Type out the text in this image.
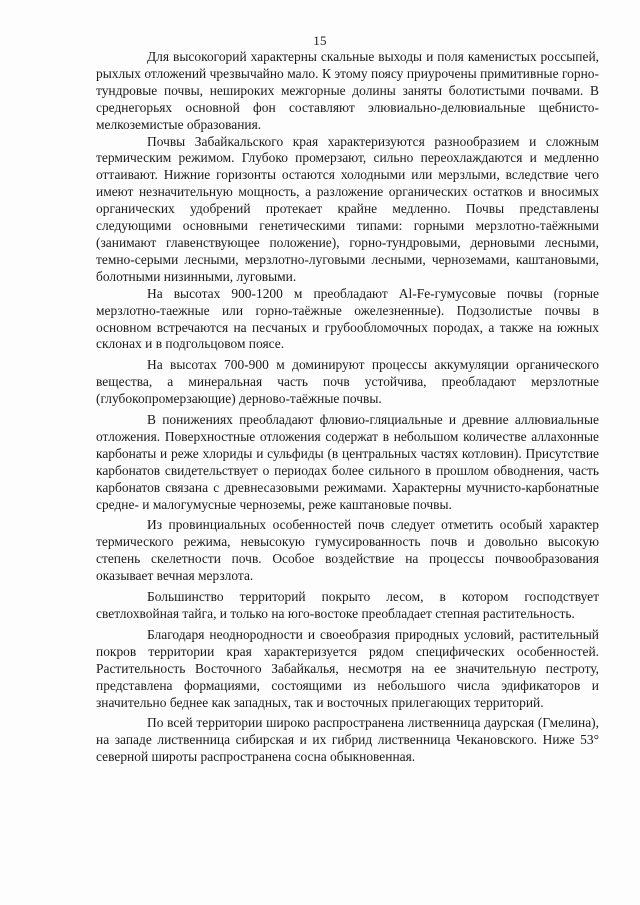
15

Для высокогорий характерны скальные выходы и поля каменистых россыпей, рыхлых отложений чрезвычайно мало. К этому поясу приурочены примитивные горно-тундровые почвы, нешироких межгорные долины заняты болотистыми почвами. В среднегорьях основной фон составляют элювиально-делювиальные щебнисто-мелкоземистые образования.

Почвы Забайкальского края характеризуются разнообразием и сложным термическим режимом. Глубоко промерзают, сильно переохлаждаются и медленно оттаивают. Нижние горизонты остаются холодными или мерзлыми, вследствие чего имеют незначительную мощность, а разложение органических остатков и вносимых органических удобрений протекает крайне медленно. Почвы представлены следующими основными генетическими типами: горными мерзлотно-таёжными (занимают главенствующее положение), горно-тундровыми, дерновыми лесными, темно-серыми лесными, мерзлотно-луговыми лесными, черноземами, каштановыми, болотными низинными, луговыми.

На высотах 900-1200 м преобладают Al-Fe-гумусовые почвы (горные мерзлотно-таежные или горно-таёжные ожелезненные). Подзолистые почвы в основном встречаются на песчаных и грубообломочных породах, а также на южных склонах и в подгольцовом поясе.

На высотах 700-900 м доминируют процессы аккумуляции органического вещества, а минеральная часть почв устойчива, преобладают мерзлотные (глубокопромерзающие) дерново-таёжные почвы.

В понижениях преобладают флювио-гляциальные и древние аллювиальные отложения. Поверхностные отложения содержат в небольшом количестве аллахонные карбонаты и реже хлориды и сульфиды (в центральных частях котловин). Присутствие карбонатов свидетельствует о периодах более сильного в прошлом обводнения, часть карбонатов связана с древнесазовыми режимами. Характерны мучнисто-карбонатные средне- и малогумусные черноземы, реже каштановые почвы.

Из провинциальных особенностей почв следует отметить особый характер термического режима, невысокую гумусированность почв и довольно высокую степень скелетности почв. Особое воздействие на процессы почвообразования оказывает вечная мерзлота.

Большинство территорий покрыто лесом, в котором господствует светлохвойная тайга, и только на юго-востоке преобладает степная растительность.

Благодаря неоднородности и своеобразия природных условий, растительный покров территории края характеризуется рядом специфических особенностей. Растительность Восточного Забайкалья, несмотря на ее значительную пестроту, представлена формациями, состоящими из небольшого числа эдификаторов и значительно беднее как западных, так и восточных прилегающих территорий.

По всей территории широко распространена лиственница даурская (Гмелина), на западе лиственница сибирская и их гибрид лиственница Чекановского. Ниже 53° северной широты распространена сосна обыкновенная.
